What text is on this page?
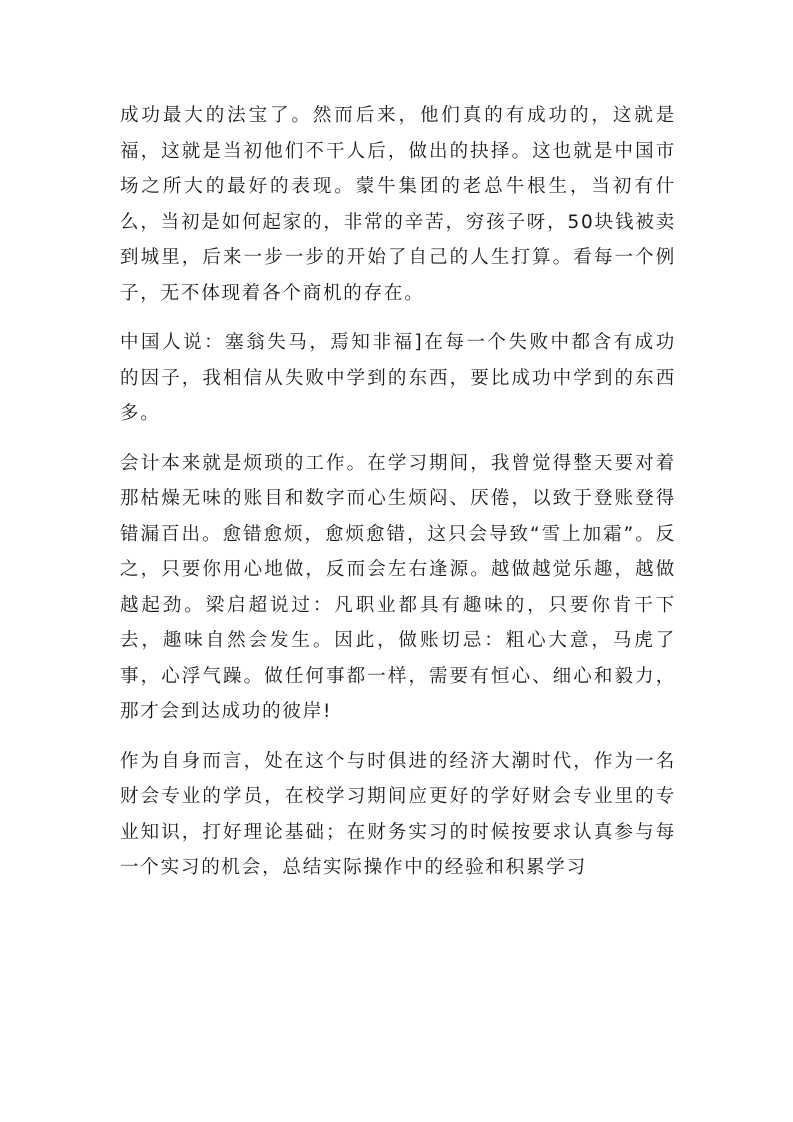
成功最大的法宝了。然而后来，他们真的有成功的，这就是福，这就是当初他们不干人后，做出的抉择。这也就是中国市场之所大的最好的表现。蒙牛集团的老总牛根生，当初有什么，当初是如何起家的，非常的辛苦，穷孩子呀，50块钱被卖到城里，后来一步一步的开始了自己的人生打算。看每一个例子，无不体现着各个商机的存在。

中国人说：塞翁失马，焉知非福]在每一个失败中都含有成功的因子，我相信从失败中学到的东西，要比成功中学到的东西多。

会计本来就是烦琐的工作。在学习期间，我曾觉得整天要对着那枯燥无味的账目和数字而心生烦闷、厌倦，以致于登账登得错漏百出。愈错愈烦，愈烦愈错，这只会导致“雪上加霜”。反之，只要你用心地做，反而会左右逢源。越做越觉乐趣，越做越起劲。梁启超说过：凡职业都具有趣味的，只要你肯干下去，趣味自然会发生。因此，做账切忌：粗心大意，马虎了事，心浮气躁。做任何事都一样，需要有恒心、细心和毅力，那才会到达成功的彼岸!

作为自身而言，处在这个与时俱进的经济大潮时代，作为一名财会专业的学员，在校学习期间应更好的学好财会专业里的专业知识，打好理论基础；在财务实习的时候按要求认真参与每一个实习的机会，总结实际操作中的经验和积累学习
